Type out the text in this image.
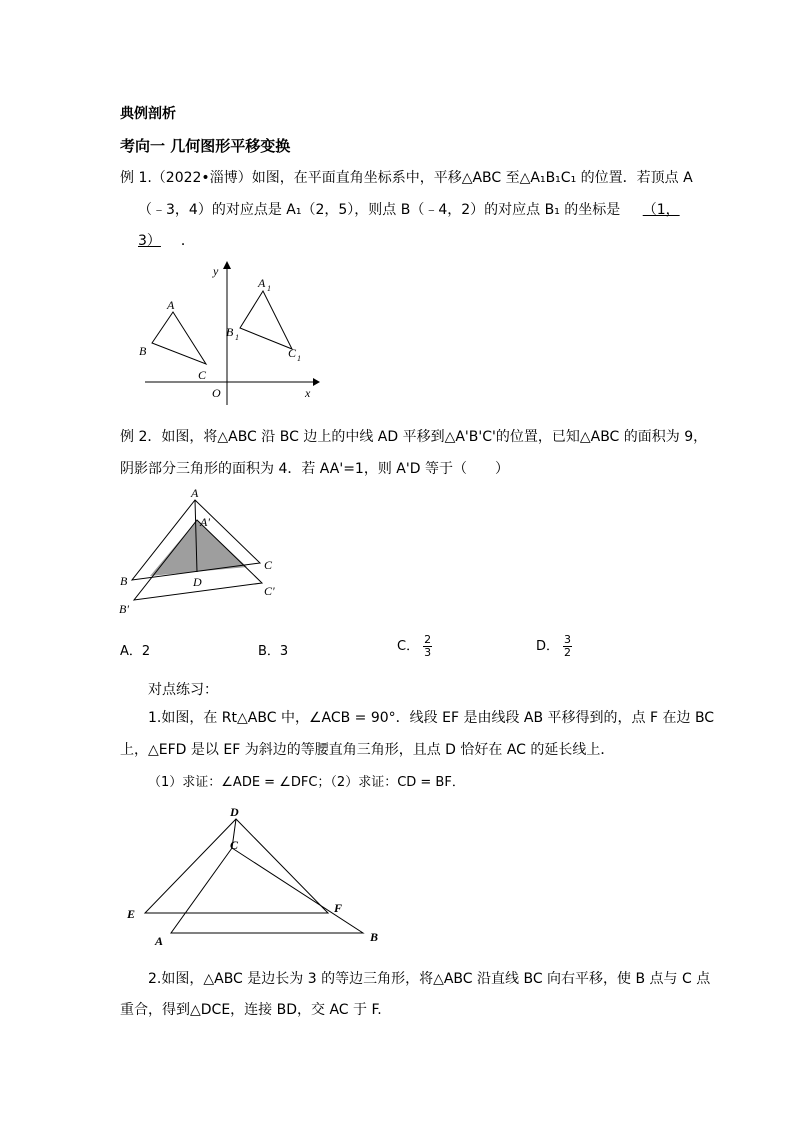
典例剖析
考向一 几何图形平移变换
例 1.（2022•淄博）如图，在平面直角坐标系中，平移△ABC 至△A₁B₁C₁ 的位置．若顶点 A
（﹣3，4）的对应点是 A₁（2，5），则点 B（﹣4，2）的对应点 B₁ 的坐标是 （1，
3） ．
y
x
O
A
B
C
A 1
B 1
C 1
例 2．如图，将△ABC 沿 BC 边上的中线 AD 平移到△A'B'C'的位置，已知△ABC 的面积为 9，
阴影部分三角形的面积为 4．若 AA'=1，则 A'D 等于（　　）
A
A'
B
C
D
B'
C'
A．2	B．3	C． $\frac{2}{3}$	D． $\frac{3}{2}$
对点练习：
1.如图，在 Rt△ABC 中，∠ACB = 90°．线段 EF 是由线段 AB 平移得到的，点 F 在边 BC
上，△EFD 是以 EF 为斜边的等腰直角三角形，且点 D 恰好在 AC 的延长线上．
（1）求证：∠ADE = ∠DFC；（2）求证：CD = BF．
D
C
E	F
A	B
2.如图，△ABC 是边长为 3 的等边三角形，将△ABC 沿直线 BC 向右平移，使 B 点与 C 点
重合，得到△DCE，连接 BD，交 AC 于 F.
